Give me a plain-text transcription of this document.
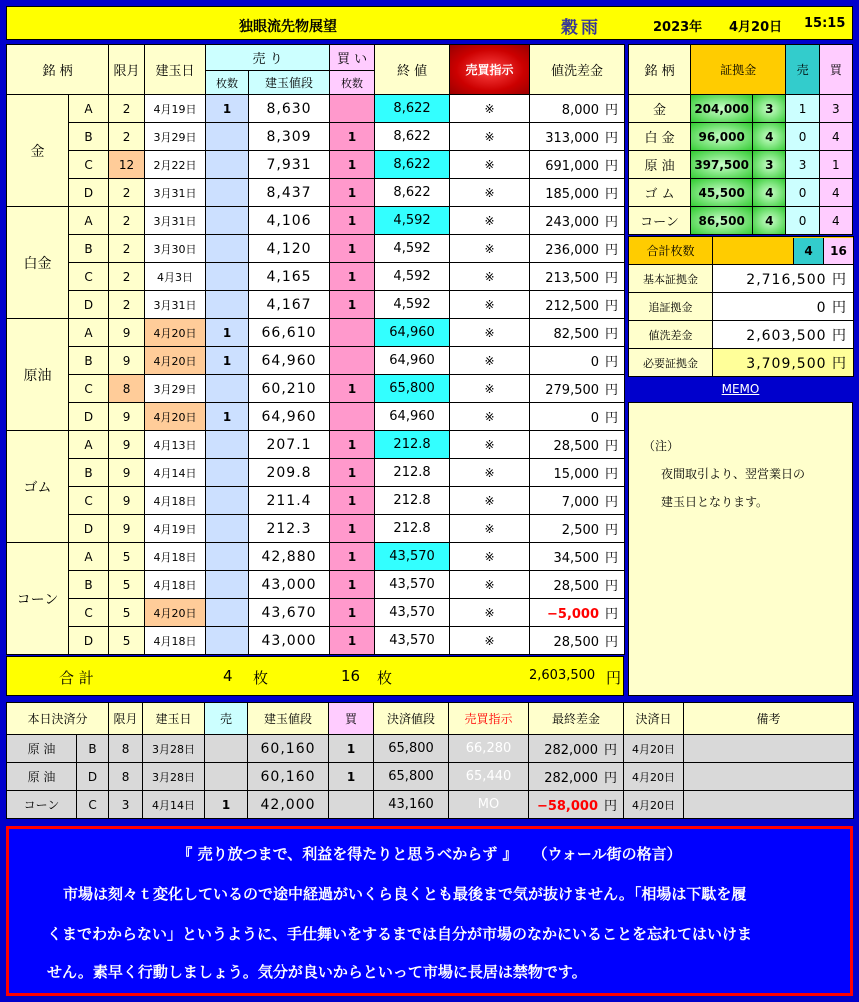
独眼流先物展望	穀雨	2023年 4月20日 15:15
銘 柄		限月	建玉日	売 り		買 い	終 値	売買指示	値洗差金
				枚数	建玉値段	枚数			
金	A	2	4月19日	1	8,630		8,622	※	8,000 円
	B	2	3月29日		8,309	1	8,622	※	313,000 円
	C	12	2月22日		7,931	1	8,622	※	691,000 円
	D	2	3月31日		8,437	1	8,622	※	185,000 円
白金	A	2	3月31日		4,106	1	4,592	※	243,000 円
	B	2	3月30日		4,120	1	4,592	※	236,000 円
	C	2	4月3日		4,165	1	4,592	※	213,500 円
	D	2	3月31日		4,167	1	4,592	※	212,500 円
原油	A	9	4月20日	1	66,610		64,960	※	82,500 円
	B	9	4月20日	1	64,960		64,960	※	0 円
	C	8	3月29日		60,210	1	65,800	※	279,500 円
	D	9	4月20日	1	64,960		64,960	※	0 円
ゴム	A	9	4月13日		207.1	1	212.8	※	28,500 円
	B	9	4月14日		209.8	1	212.8	※	15,000 円
	C	9	4月18日		211.4	1	212.8	※	7,000 円
	D	9	4月19日		212.3	1	212.8	※	2,500 円
コーン	A	5	4月18日		42,880	1	43,570	※	34,500 円
	B	5	4月18日		43,000	1	43,570	※	28,500 円
	C	5	4月20日		43,670	1	43,570	※	−5,000 円
	D	5	4月18日		43,000	1	43,570	※	28,500 円
合 計	4 枚	16 枚	2,603,500 円
銘 柄	証拠金		売	買
金	204,000	3	1	3
白 金	96,000	4	0	4
原 油	397,500	3	3	1
ゴ ム	45,500	4	0	4
コーン	86,500	4	0	4
合計枚数	4 16

基本証拠金	2,716,500 円
追証拠金	0 円
値洗差金	2,603,500 円
必要証拠金	3,709,500 円
MEMO
（注）
夜間取引より、翌営業日の
建玉日となります。
本日決済分		限月	建玉日	売	建玉値段	買	決済値段	売買指示	最終差金	決済日	備考
原 油	B	8	3月28日		60,160	1	65,800	66,280	282,000 円	4月20日	
原 油	D	8	3月28日		60,160	1	65,800	65,440	282,000 円	4月20日	
コーン	C	3	4月14日	1	42,000		43,160	MO	−58,000 円	4月20日	
『 売り放つまで、利益を得たりと思うべからず 』　　（ウォール街の格言）
市場は刻々ｔ変化しているので途中経過がいくら良くとも最後まで気が抜けません。「相場は下駄を履
くまでわからない」というように、手仕舞いをするまでは自分が市場のなかにいることを忘れてはいけま
せん。素早く行動しましょう。気分が良いからといって市場に長居は禁物です。
